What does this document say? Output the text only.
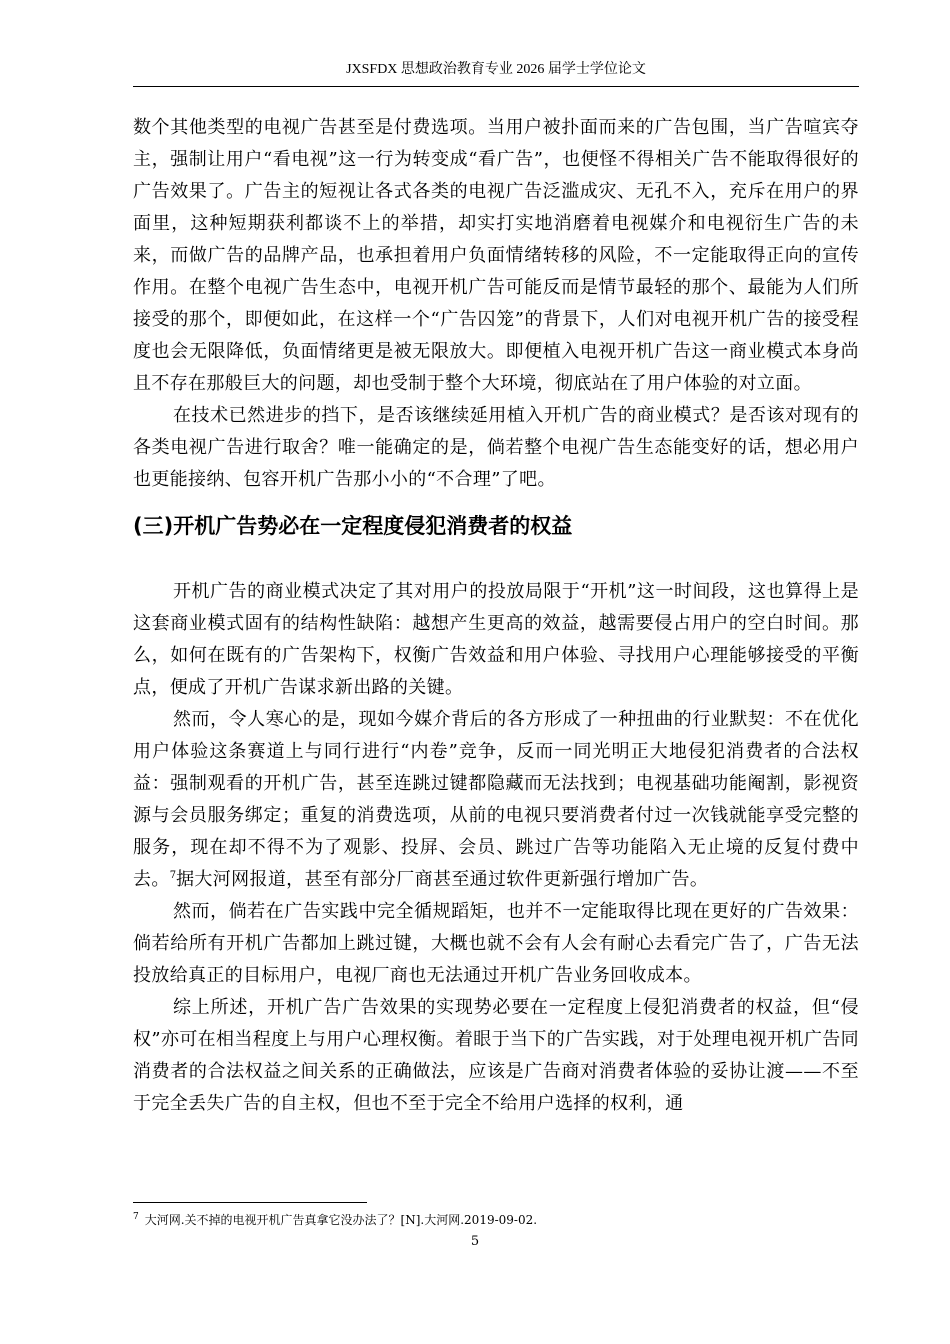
JXSFDX 思想政治教育专业 2026 届学士学位论文

数个其他类型的电视广告甚至是付费选项。当用户被扑面而来的广告包围，当广告喧宾夺主，强制让用户“看电视”这一行为转变成“看广告”，也便怪不得相关广告不能取得很好的广告效果了。广告主的短视让各式各类的电视广告泛滥成灾、无孔不入，充斥在用户的界面里，这种短期获利都谈不上的举措，却实打实地消磨着电视媒介和电视衍生广告的未来，而做广告的品牌产品，也承担着用户负面情绪转移的风险，不一定能取得正向的宣传作用。在整个电视广告生态中，电视开机广告可能反而是情节最轻的那个、最能为人们所接受的那个，即便如此，在这样一个“广告囚笼”的背景下，人们对电视开机广告的接受程度也会无限降低，负面情绪更是被无限放大。即便植入电视开机广告这一商业模式本身尚且不存在那般巨大的问题，却也受制于整个大环境，彻底站在了用户体验的对立面。

在技术已然进步的挡下，是否该继续延用植入开机广告的商业模式？是否该对现有的各类电视广告进行取舍？唯一能确定的是，倘若整个电视广告生态能变好的话，想必用户也更能接纳、包容开机广告那小小的“不合理”了吧。

(三)开机广告势必在一定程度侵犯消费者的权益

开机广告的商业模式决定了其对用户的投放局限于“开机”这一时间段，这也算得上是这套商业模式固有的结构性缺陷：越想产生更高的效益，越需要侵占用户的空白时间。那么，如何在既有的广告架构下，权衡广告效益和用户体验、寻找用户心理能够接受的平衡点，便成了开机广告谋求新出路的关键。

然而，令人寒心的是，现如今媒介背后的各方形成了一种扭曲的行业默契：不在优化用户体验这条赛道上与同行进行“内卷”竞争，反而一同光明正大地侵犯消费者的合法权益：强制观看的开机广告，甚至连跳过键都隐藏而无法找到；电视基础功能阉割，影视资源与会员服务绑定；重复的消费选项，从前的电视只要消费者付过一次钱就能享受完整的服务，现在却不得不为了观影、投屏、会员、跳过广告等功能陷入无止境的反复付费中去。$^7$据大河网报道，甚至有部分厂商甚至通过软件更新强行增加广告。

然而，倘若在广告实践中完全循规蹈矩，也并不一定能取得比现在更好的广告效果：倘若给所有开机广告都加上跳过键，大概也就不会有人会有耐心去看完广告了，广告无法投放给真正的目标用户，电视厂商也无法通过开机广告业务回收成本。

综上所述，开机广告广告效果的实现势必要在一定程度上侵犯消费者的权益，但“侵权”亦可在相当程度上与用户心理权衡。着眼于当下的广告实践，对于处理电视开机广告同消费者的合法权益之间关系的正确做法，应该是广告商对消费者体验的妥协让渡——不至于完全丢失广告的自主权，但也不至于完全不给用户选择的权利，通

$^7$ 大河网.关不掉的电视开机广告真拿它没办法了？[N].大河网.2019-09-02.
5
